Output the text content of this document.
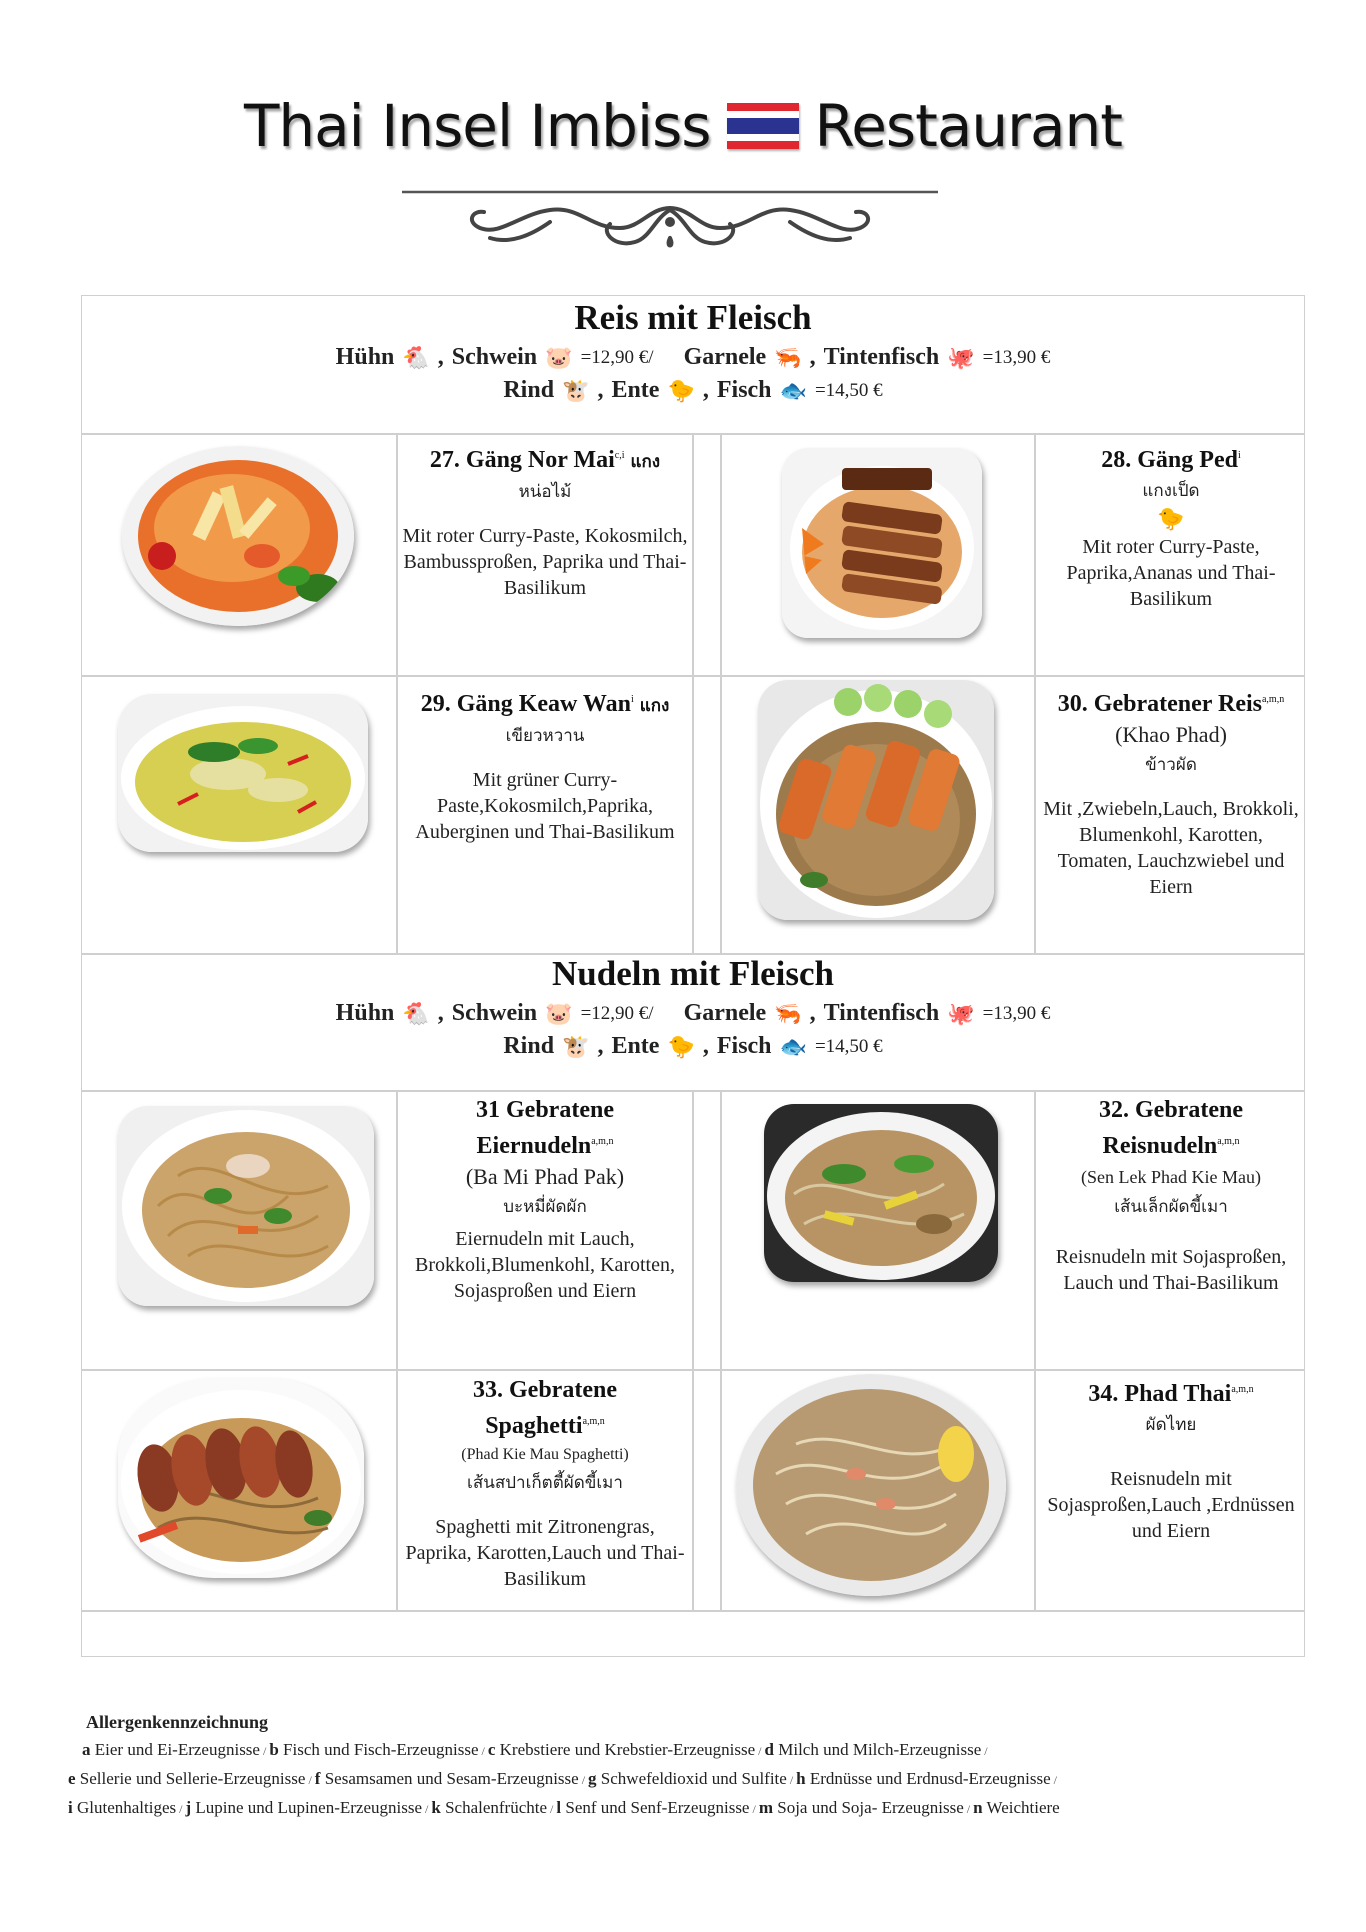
Thai Insel Imbiss Restaurant
Reis mit Fleisch
Hühn 🐔 , Schwein 🐷 =12,90 €/ Garnele 🦐 , Tintenfisch 🐙 =13,90 €
Rind 🐮 , Ente 🐤 , Fisch 🐟 =14,50 €
27. Gäng Nor Mai$^{c,i}$ แกง
หน่อไม้
Mit roter Curry-Paste, Kokosmilch, Bambussproßen, Paprika und Thai-Basilikum
28. Gäng Ped$^i$
แกงเป็ด
🐤
Mit roter Curry-Paste, Paprika,Ananas und Thai-Basilikum
29. Gäng Keaw Wan$^i$ แกง
เขียวหวาน
Mit grüner Curry-Paste,Kokosmilch,Paprika, Auberginen und Thai-Basilikum
30. Gebratener Reis$^{a,m,n}$
(Khao Phad)
ข้าวผัด
Mit ,Zwiebeln,Lauch, Brokkoli, Blumenkohl, Karotten, Tomaten, Lauchzwiebel und Eiern
Nudeln mit Fleisch
Hühn 🐔 , Schwein 🐷 =12,90 €/ Garnele 🦐 , Tintenfisch 🐙 =13,90 €
Rind 🐮 , Ente 🐤 , Fisch 🐟 =14,50 €
31 Gebratene
Eiernudeln$^{a,m,n}$
(Ba Mi Phad Pak)
บะหมี่ผัดผัก
Eiernudeln mit Lauch, Brokkoli,Blumenkohl, Karotten, Sojasproßen und Eiern
32. Gebratene
Reisnudeln$^{a,m,n}$
(Sen Lek Phad Kie Mau)
เส้นเล็กผัดขี้เมา
Reisnudeln mit Sojasproßen, Lauch und Thai-Basilikum
33. Gebratene
Spaghetti$^{a,m,n}$
(Phad Kie Mau Spaghetti)
เส้นสปาเก็ตตี้ผัดขี้เมา
Spaghetti mit Zitronengras, Paprika, Karotten,Lauch und Thai-Basilikum
34. Phad Thai$^{a,m,n}$
ผัดไทย
Reisnudeln mit Sojasproßen,Lauch ,Erdnüssen und Eiern
Allergenkennzeichnung
a Eier und Ei-Erzeugnisse / b Fisch und Fisch-Erzeugnisse / c Krebstiere und Krebstier-Erzeugnisse / d Milch und Milch-Erzeugnisse /
e Sellerie und Sellerie-Erzeugnisse / f Sesamsamen und Sesam-Erzeugnisse / g Schwefeldioxid und Sulfite / h Erdnüsse und Erdnusd-Erzeugnisse /
i Glutenhaltiges / j Lupine und Lupinen-Erzeugnisse / k Schalenfrüchte / l Senf und Senf-Erzeugnisse / m Soja und Soja- Erzeugnisse / n Weichtiere
